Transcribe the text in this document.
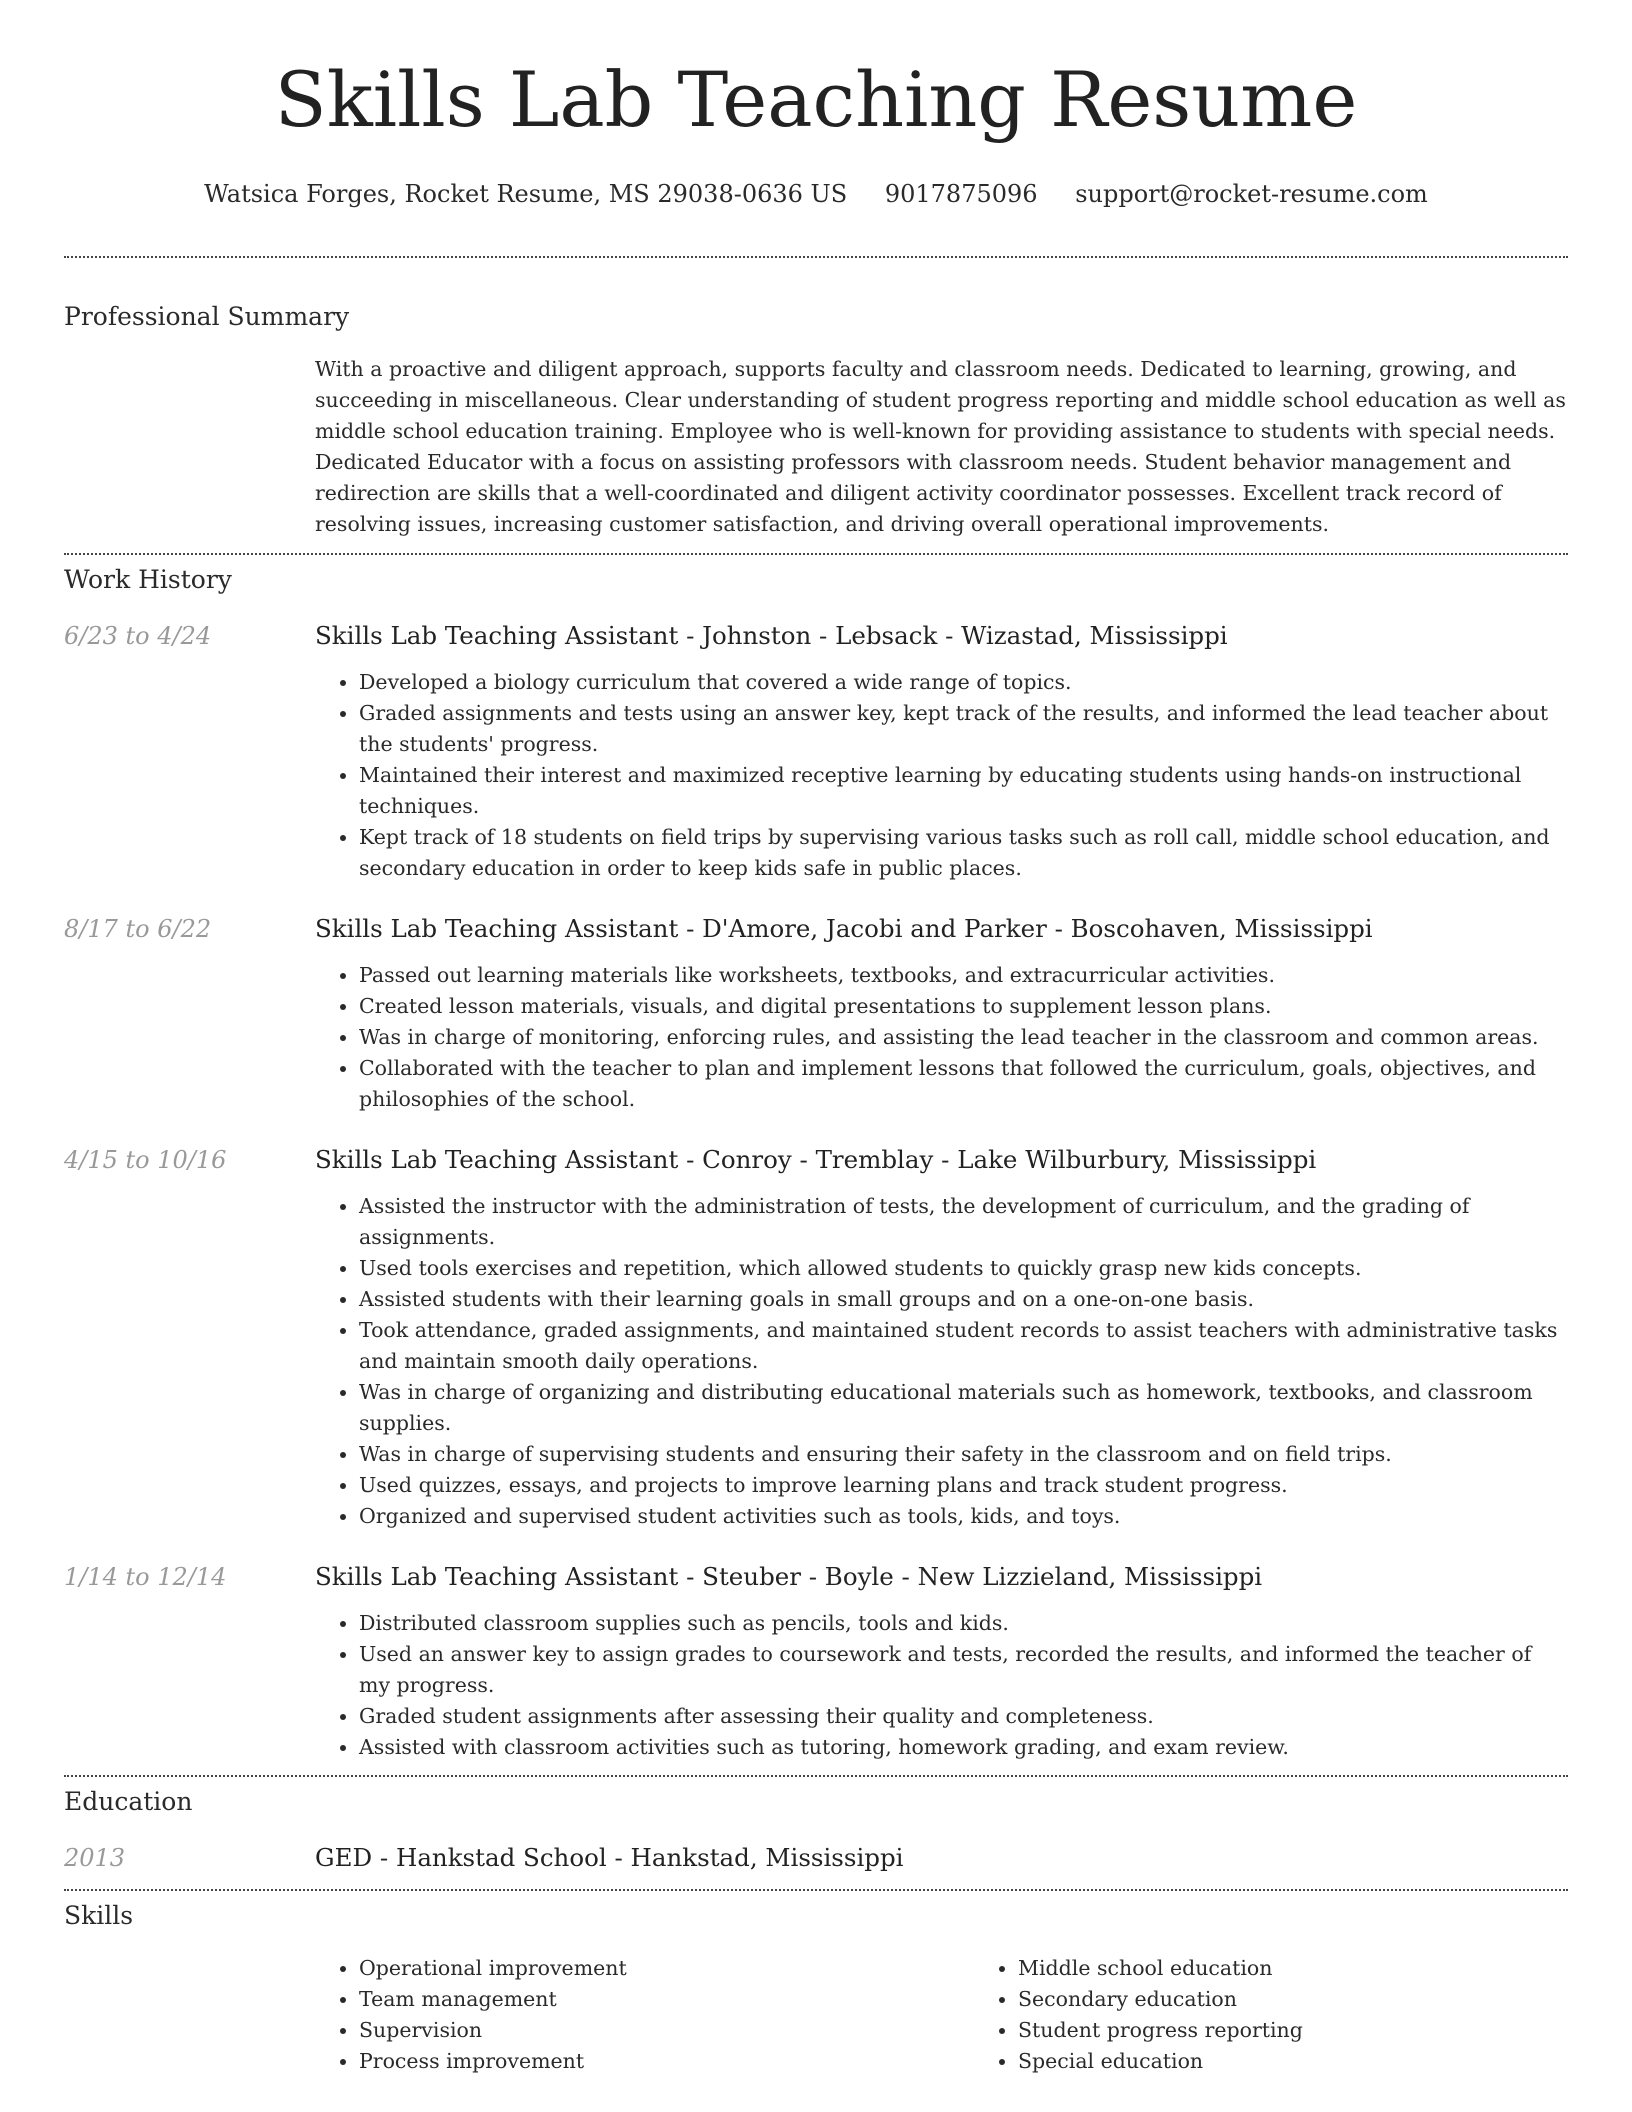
Skills Lab Teaching Resume
Watsica Forges, Rocket Resume, MS 29038-0636 US 9017875096 support@rocket-resume.com
Professional Summary
With a proactive and diligent approach, supports faculty and classroom needs. Dedicated to learning, growing, and succeeding in miscellaneous. Clear understanding of student progress reporting and middle school education as well as middle school education training. Employee who is well-known for providing assistance to students with special needs. Dedicated Educator with a focus on assisting professors with classroom needs. Student behavior management and redirection are skills that a well-coordinated and diligent activity coordinator possesses. Excellent track record of resolving issues, increasing customer satisfaction, and driving overall operational improvements.
Work History
6/23 to 4/24	Skills Lab Teaching Assistant - Johnston - Lebsack - Wizastad, Mississippi
• Developed a biology curriculum that covered a wide range of topics.
• Graded assignments and tests using an answer key, kept track of the results, and informed the lead teacher about the students' progress.
• Maintained their interest and maximized receptive learning by educating students using hands-on instructional techniques.
• Kept track of 18 students on field trips by supervising various tasks such as roll call, middle school education, and secondary education in order to keep kids safe in public places.
8/17 to 6/22	Skills Lab Teaching Assistant - D'Amore, Jacobi and Parker - Boscohaven, Mississippi
• Passed out learning materials like worksheets, textbooks, and extracurricular activities.
• Created lesson materials, visuals, and digital presentations to supplement lesson plans.
• Was in charge of monitoring, enforcing rules, and assisting the lead teacher in the classroom and common areas.
• Collaborated with the teacher to plan and implement lessons that followed the curriculum, goals, objectives, and philosophies of the school.
4/15 to 10/16	Skills Lab Teaching Assistant - Conroy - Tremblay - Lake Wilburbury, Mississippi
• Assisted the instructor with the administration of tests, the development of curriculum, and the grading of assignments.
• Used tools exercises and repetition, which allowed students to quickly grasp new kids concepts.
• Assisted students with their learning goals in small groups and on a one-on-one basis.
• Took attendance, graded assignments, and maintained student records to assist teachers with administrative tasks and maintain smooth daily operations.
• Was in charge of organizing and distributing educational materials such as homework, textbooks, and classroom supplies.
• Was in charge of supervising students and ensuring their safety in the classroom and on field trips.
• Used quizzes, essays, and projects to improve learning plans and track student progress.
• Organized and supervised student activities such as tools, kids, and toys.
1/14 to 12/14	Skills Lab Teaching Assistant - Steuber - Boyle - New Lizzieland, Mississippi
• Distributed classroom supplies such as pencils, tools and kids.
• Used an answer key to assign grades to coursework and tests, recorded the results, and informed the teacher of my progress.
• Graded student assignments after assessing their quality and completeness.
• Assisted with classroom activities such as tutoring, homework grading, and exam review.
Education
2013	GED - Hankstad School - Hankstad, Mississippi
Skills
• Operational improvement
• Team management
• Supervision
• Process improvement
• Middle school education
• Secondary education
• Student progress reporting
• Special education
